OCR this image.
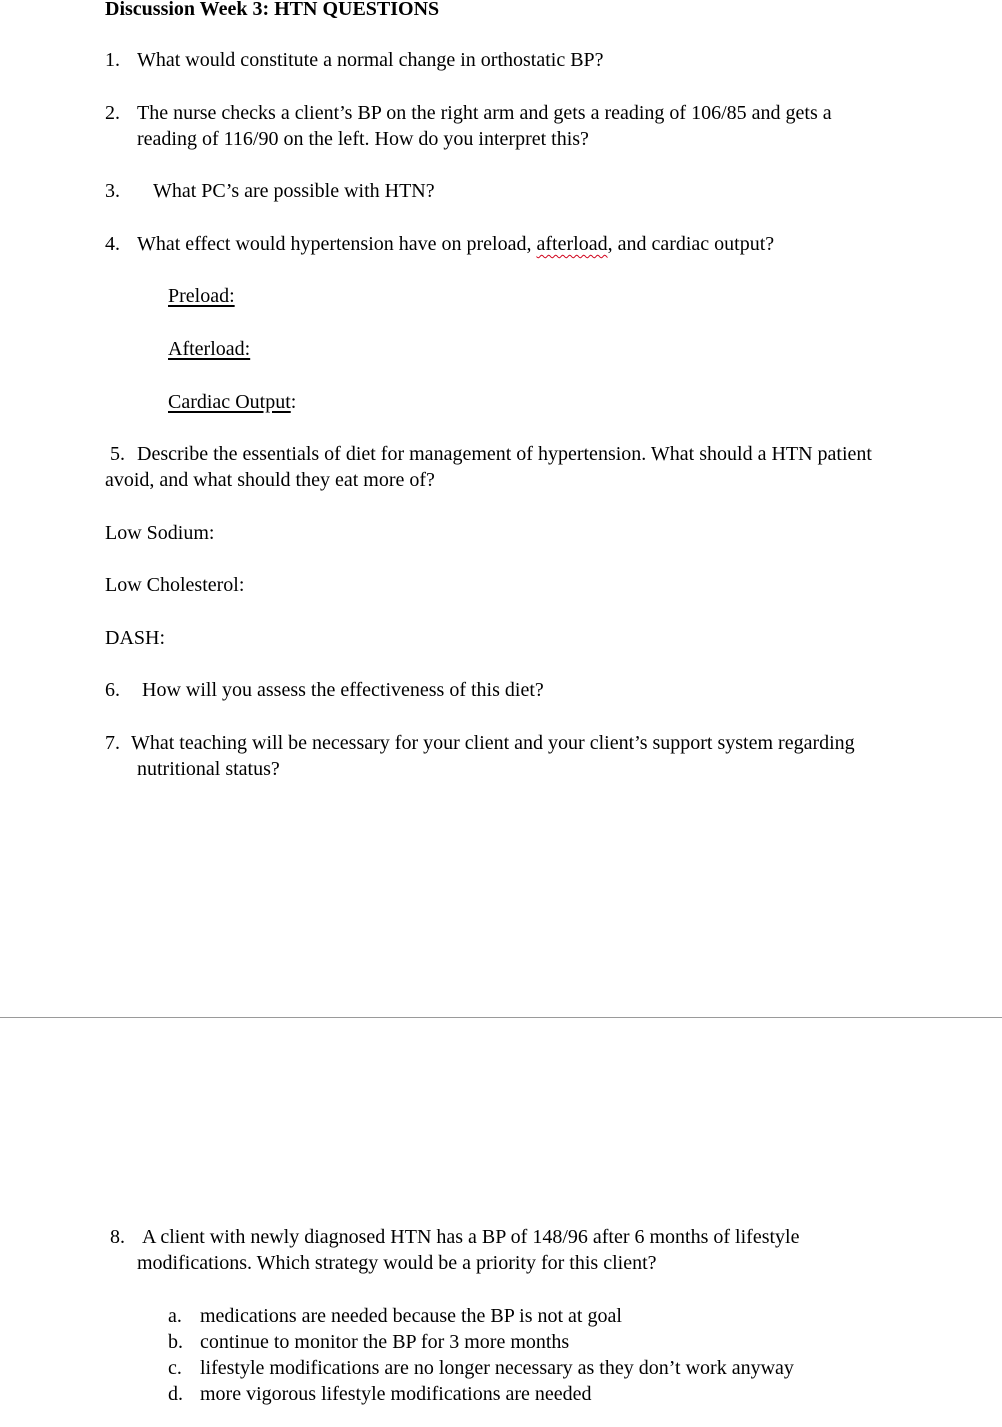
Discussion Week 3: HTN QUESTIONS
1. What would constitute a normal change in orthostatic BP?
2. The nurse checks a client’s BP on the right arm and gets a reading of 106/85 and gets a
reading of 116/90 on the left. How do you interpret this?
3. What PC’s are possible with HTN?
4. What effect would hypertension have on preload, afterload, and cardiac output?
Preload:
Afterload:
Cardiac Output:
5. Describe the essentials of diet for management of hypertension. What should a HTN patient
avoid, and what should they eat more of?
Low Sodium:
Low Cholesterol:
DASH:
6. How will you assess the effectiveness of this diet?
7. What teaching will be necessary for your client and your client’s support system regarding
nutritional status?
8. A client with newly diagnosed HTN has a BP of 148/96 after 6 months of lifestyle
modifications. Which strategy would be a priority for this client?
a. medications are needed because the BP is not at goal
b. continue to monitor the BP for 3 more months
c. lifestyle modifications are no longer necessary as they don’t work anyway
d. more vigorous lifestyle modifications are needed
